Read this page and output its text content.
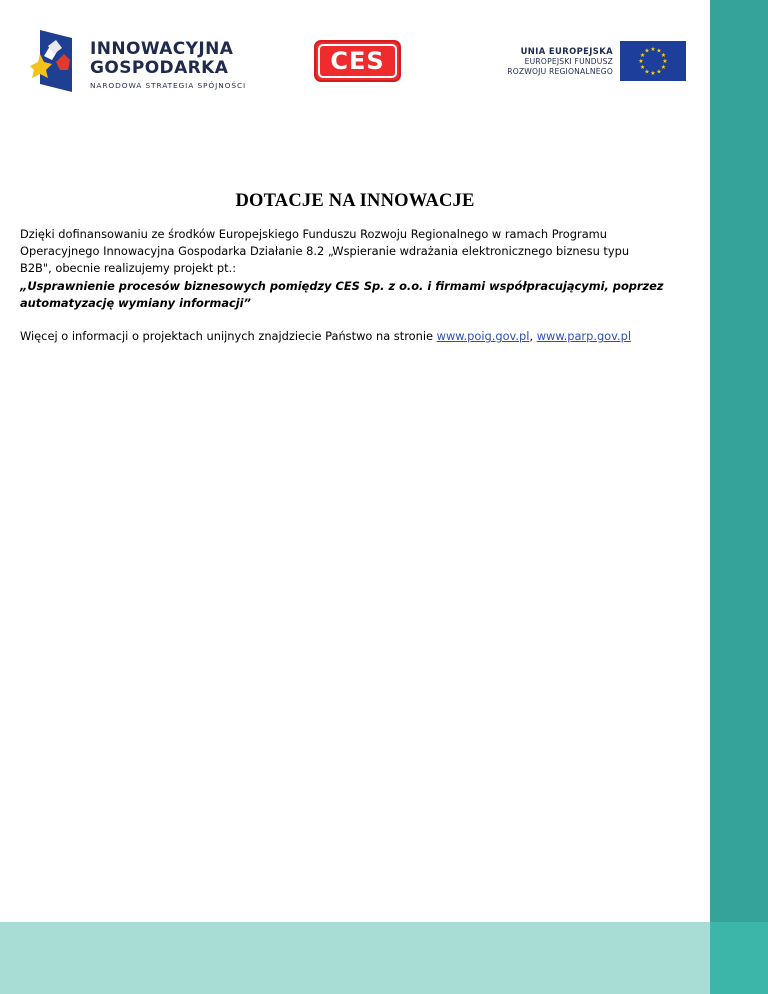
INNOWACYJNA
GOSPODARKA
NARODOWA STRATEGIA SPÓJNOŚCI
CES	UNIA EUROPEJSKA
EUROPEJSKI FUNDUSZ
ROZWOJU REGIONALNEGO
★ ★
★
★
★
★
★
★
★
★
★
★
DOTACJE NA INNOWACJE
Dzięki dofinansowaniu ze środków Europejskiego Funduszu Rozwoju Regionalnego w ramach Programu
Operacyjnego Innowacyjna Gospodarka Działanie 8.2 „Wspieranie wdrażania elektronicznego biznesu typu
B2B", obecnie realizujemy projekt pt.:
„Usprawnienie procesów biznesowych pomiędzy CES Sp. z o.o. i firmami współpracującymi, poprzez
automatyzację wymiany informacji”
Więcej o informacji o projektach unijnych znajdziecie Państwo na stronie www.poig.gov.pl, www.parp.gov.pl
